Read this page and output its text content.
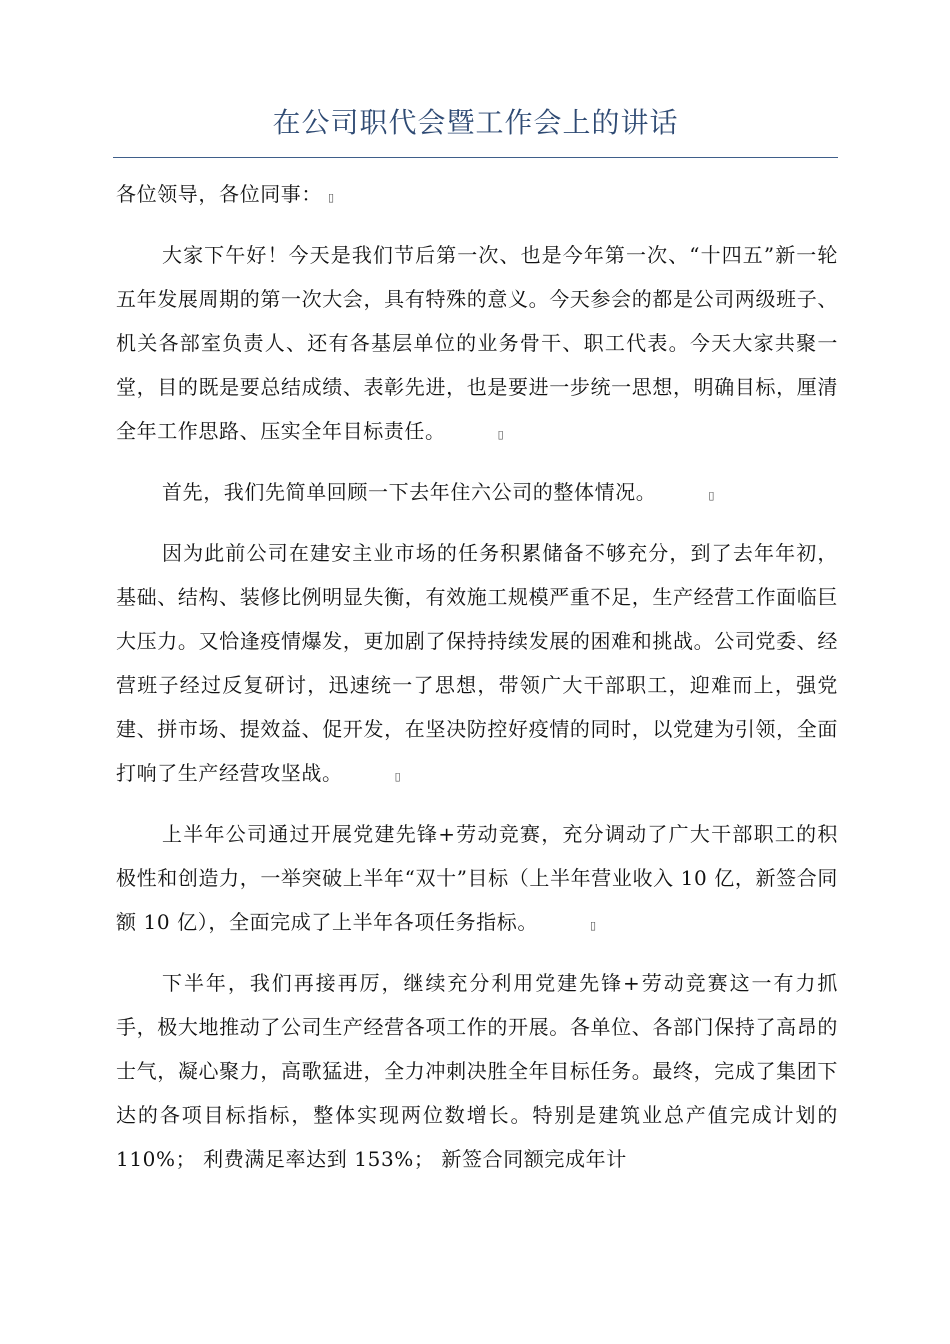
在公司职代会暨工作会上的讲话

各位领导，各位同事： ▯

大家下午好！今天是我们节后第一次、也是今年第一次、“十四五”新一轮五年发展周期的第一次大会，具有特殊的意义。今天参会的都是公司两级班子、机关各部室负责人、还有各基层单位的业务骨干、职工代表。今天大家共聚一堂，目的既是要总结成绩、表彰先进，也是要进一步统一思想，明确目标，厘清全年工作思路、压实全年目标责任。	▯

首先，我们先简单回顾一下去年住六公司的整体情况。	▯

因为此前公司在建安主业市场的任务积累储备不够充分，到了去年年初，基础、结构、装修比例明显失衡，有效施工规模严重不足，生产经营工作面临巨大压力。又恰逢疫情爆发，更加剧了保持持续发展的困难和挑战。公司党委、经营班子经过反复研讨，迅速统一了思想，带领广大干部职工，迎难而上，强党建、拼市场、提效益、促开发，在坚决防控好疫情的同时，以党建为引领，全面打响了生产经营攻坚战。	▯

上半年公司通过开展党建先锋+劳动竞赛，充分调动了广大干部职工的积极性和创造力，一举突破上半年“双十”目标（上半年营业收入 10 亿，新签合同额 10 亿），全面完成了上半年各项任务指标。	▯

下半年，我们再接再厉，继续充分利用党建先锋+劳动竞赛这一有力抓手，极大地推动了公司生产经营各项工作的开展。各单位、各部门保持了高昂的士气，凝心聚力，高歌猛进，全力冲刺决胜全年目标任务。最终，完成了集团下达的各项目标指标，整体实现两位数增长。特别是建筑业总产值完成计划的 110%； 利费满足率达到 153%； 新签合同额完成年计
